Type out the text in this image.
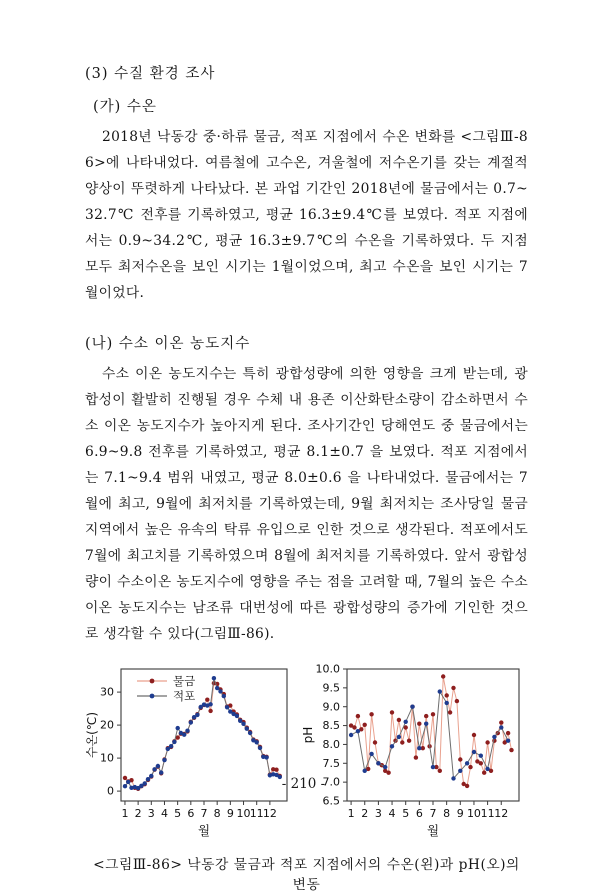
(3) 수질 환경 조사

(가) 수온

2018년 낙동강 중·하류 물금, 적포 지점에서 수온 변화를 <그림Ⅲ-86>에 나타내었다. 여름철에 고수온, 겨울철에 저수온기를 갖는 계절적 양상이 뚜렷하게 나타났다. 본 과업 기간인 2018년에 물금에서는 0.7~32.7℃ 전후를 기록하였고, 평균 16.3±9.4℃를 보였다. 적포 지점에서는 0.9~34.2℃, 평균 16.3±9.7℃의 수온을 기록하였다. 두 지점 모두 최저수온을 보인 시기는 1월이었으며, 최고 수온을 보인 시기는 7월이었다.

(나) 수소 이온 농도지수

수소 이온 농도지수는 특히 광합성량에 의한 영향을 크게 받는데, 광합성이 활발히 진행될 경우 수체 내 용존 이산화탄소량이 감소하면서 수소 이온 농도지수가 높아지게 된다. 조사기간인 당해연도 중 물금에서는 6.9~9.8 전후를 기록하였고, 평균 8.1±0.7 을 보였다. 적포 지점에서는 7.1~9.4 범위 내였고, 평균 8.0±0.6 을 나타내었다. 물금에서는 7월에 최고, 9월에 최저치를 기록하였는데, 9월 최저치는 조사당일 물금 지역에서 높은 유속의 탁류 유입으로 인한 것으로 생각된다. 적포에서도 7월에 최고치를 기록하였으며 8월에 최저치를 기록하였다. 앞서 광합성량이 수소이온 농도지수에 영향을 주는 점을 고려할 때, 7월의 높은 수소이온 농도지수는 남조류 대번성에 따른 광합성량의 증가에 기인한 것으로 생각할 수 있다(그림Ⅲ-86).

0
10
20
30
1 2 3 4 5 6 7 8 9 10 11 12
월
수온(℃)
물금
적포
6.5
7.0
7.5
8.0
8.5
9.0
9.5
10.0
1 2 3 4 5 6 7 8 9 10 11 12
월
pH
<그림Ⅲ-86> 낙동강 물금과 적포 지점에서의 수온(왼)과 pH(오)의 변동
- 210 -
